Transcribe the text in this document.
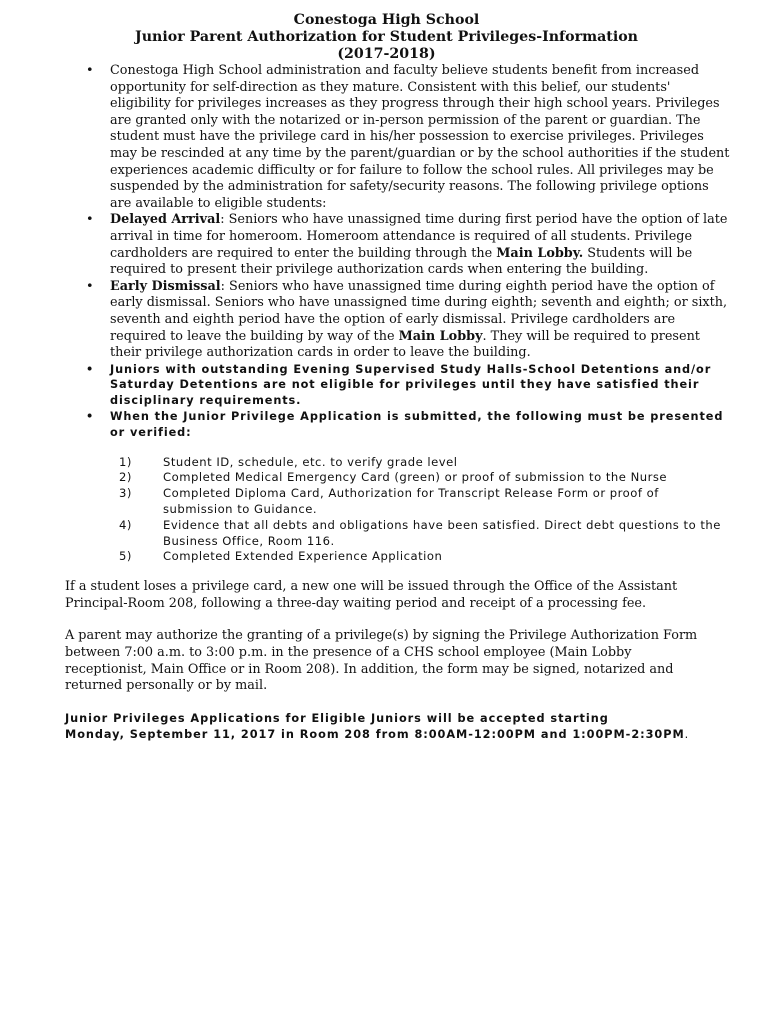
Conestoga High School
Junior Parent Authorization for Student Privileges-Information
(2017-2018)
• Conestoga High School administration and faculty believe students benefit from increased opportunity for self-direction as they mature. Consistent with this belief, our students' eligibility for privileges increases as they progress through their high school years. Privileges are granted only with the notarized or in-person permission of the parent or guardian. The student must have the privilege card in his/her possession to exercise privileges. Privileges may be rescinded at any time by the parent/guardian or by the school authorities if the student experiences academic difficulty or for failure to follow the school rules. All privileges may be suspended by the administration for safety/security reasons. The following privilege options are available to eligible students:
• Delayed Arrival: Seniors who have unassigned time during first period have the option of late arrival in time for homeroom. Homeroom attendance is required of all students. Privilege cardholders are required to enter the building through the Main Lobby. Students will be required to present their privilege authorization cards when entering the building.
• Early Dismissal: Seniors who have unassigned time during eighth period have the option of early dismissal. Seniors who have unassigned time during eighth; seventh and eighth; or sixth, seventh and eighth period have the option of early dismissal. Privilege cardholders are required to leave the building by way of the Main Lobby. They will be required to present their privilege authorization cards in order to leave the building.
• Juniors with outstanding Evening Supervised Study Halls-School Detentions and/or Saturday Detentions are not eligible for privileges until they have satisfied their disciplinary requirements.
• When the Junior Privilege Application is submitted, the following must be presented or verified:
1)	Student ID, schedule, etc. to verify grade level
2)	Completed Medical Emergency Card (green) or proof of submission to the Nurse
3)	Completed Diploma Card, Authorization for Transcript Release Form or proof of submission to Guidance.
4)	Evidence that all debts and obligations have been satisfied. Direct debt questions to the Business Office, Room 116.
5)	Completed Extended Experience Application

If a student loses a privilege card, a new one will be issued through the Office of the Assistant Principal-Room 208, following a three-day waiting period and receipt of a processing fee.

A parent may authorize the granting of a privilege(s) by signing the Privilege Authorization Form between 7:00 a.m. to 3:00 p.m. in the presence of a CHS school employee (Main Lobby receptionist, Main Office or in Room 208). In addition, the form may be signed, notarized and returned personally or by mail.

Junior Privileges Applications for Eligible Juniors will be accepted starting
Monday, September 11, 2017 in Room 208 from 8:00AM-12:00PM and 1:00PM-2:30PM.
